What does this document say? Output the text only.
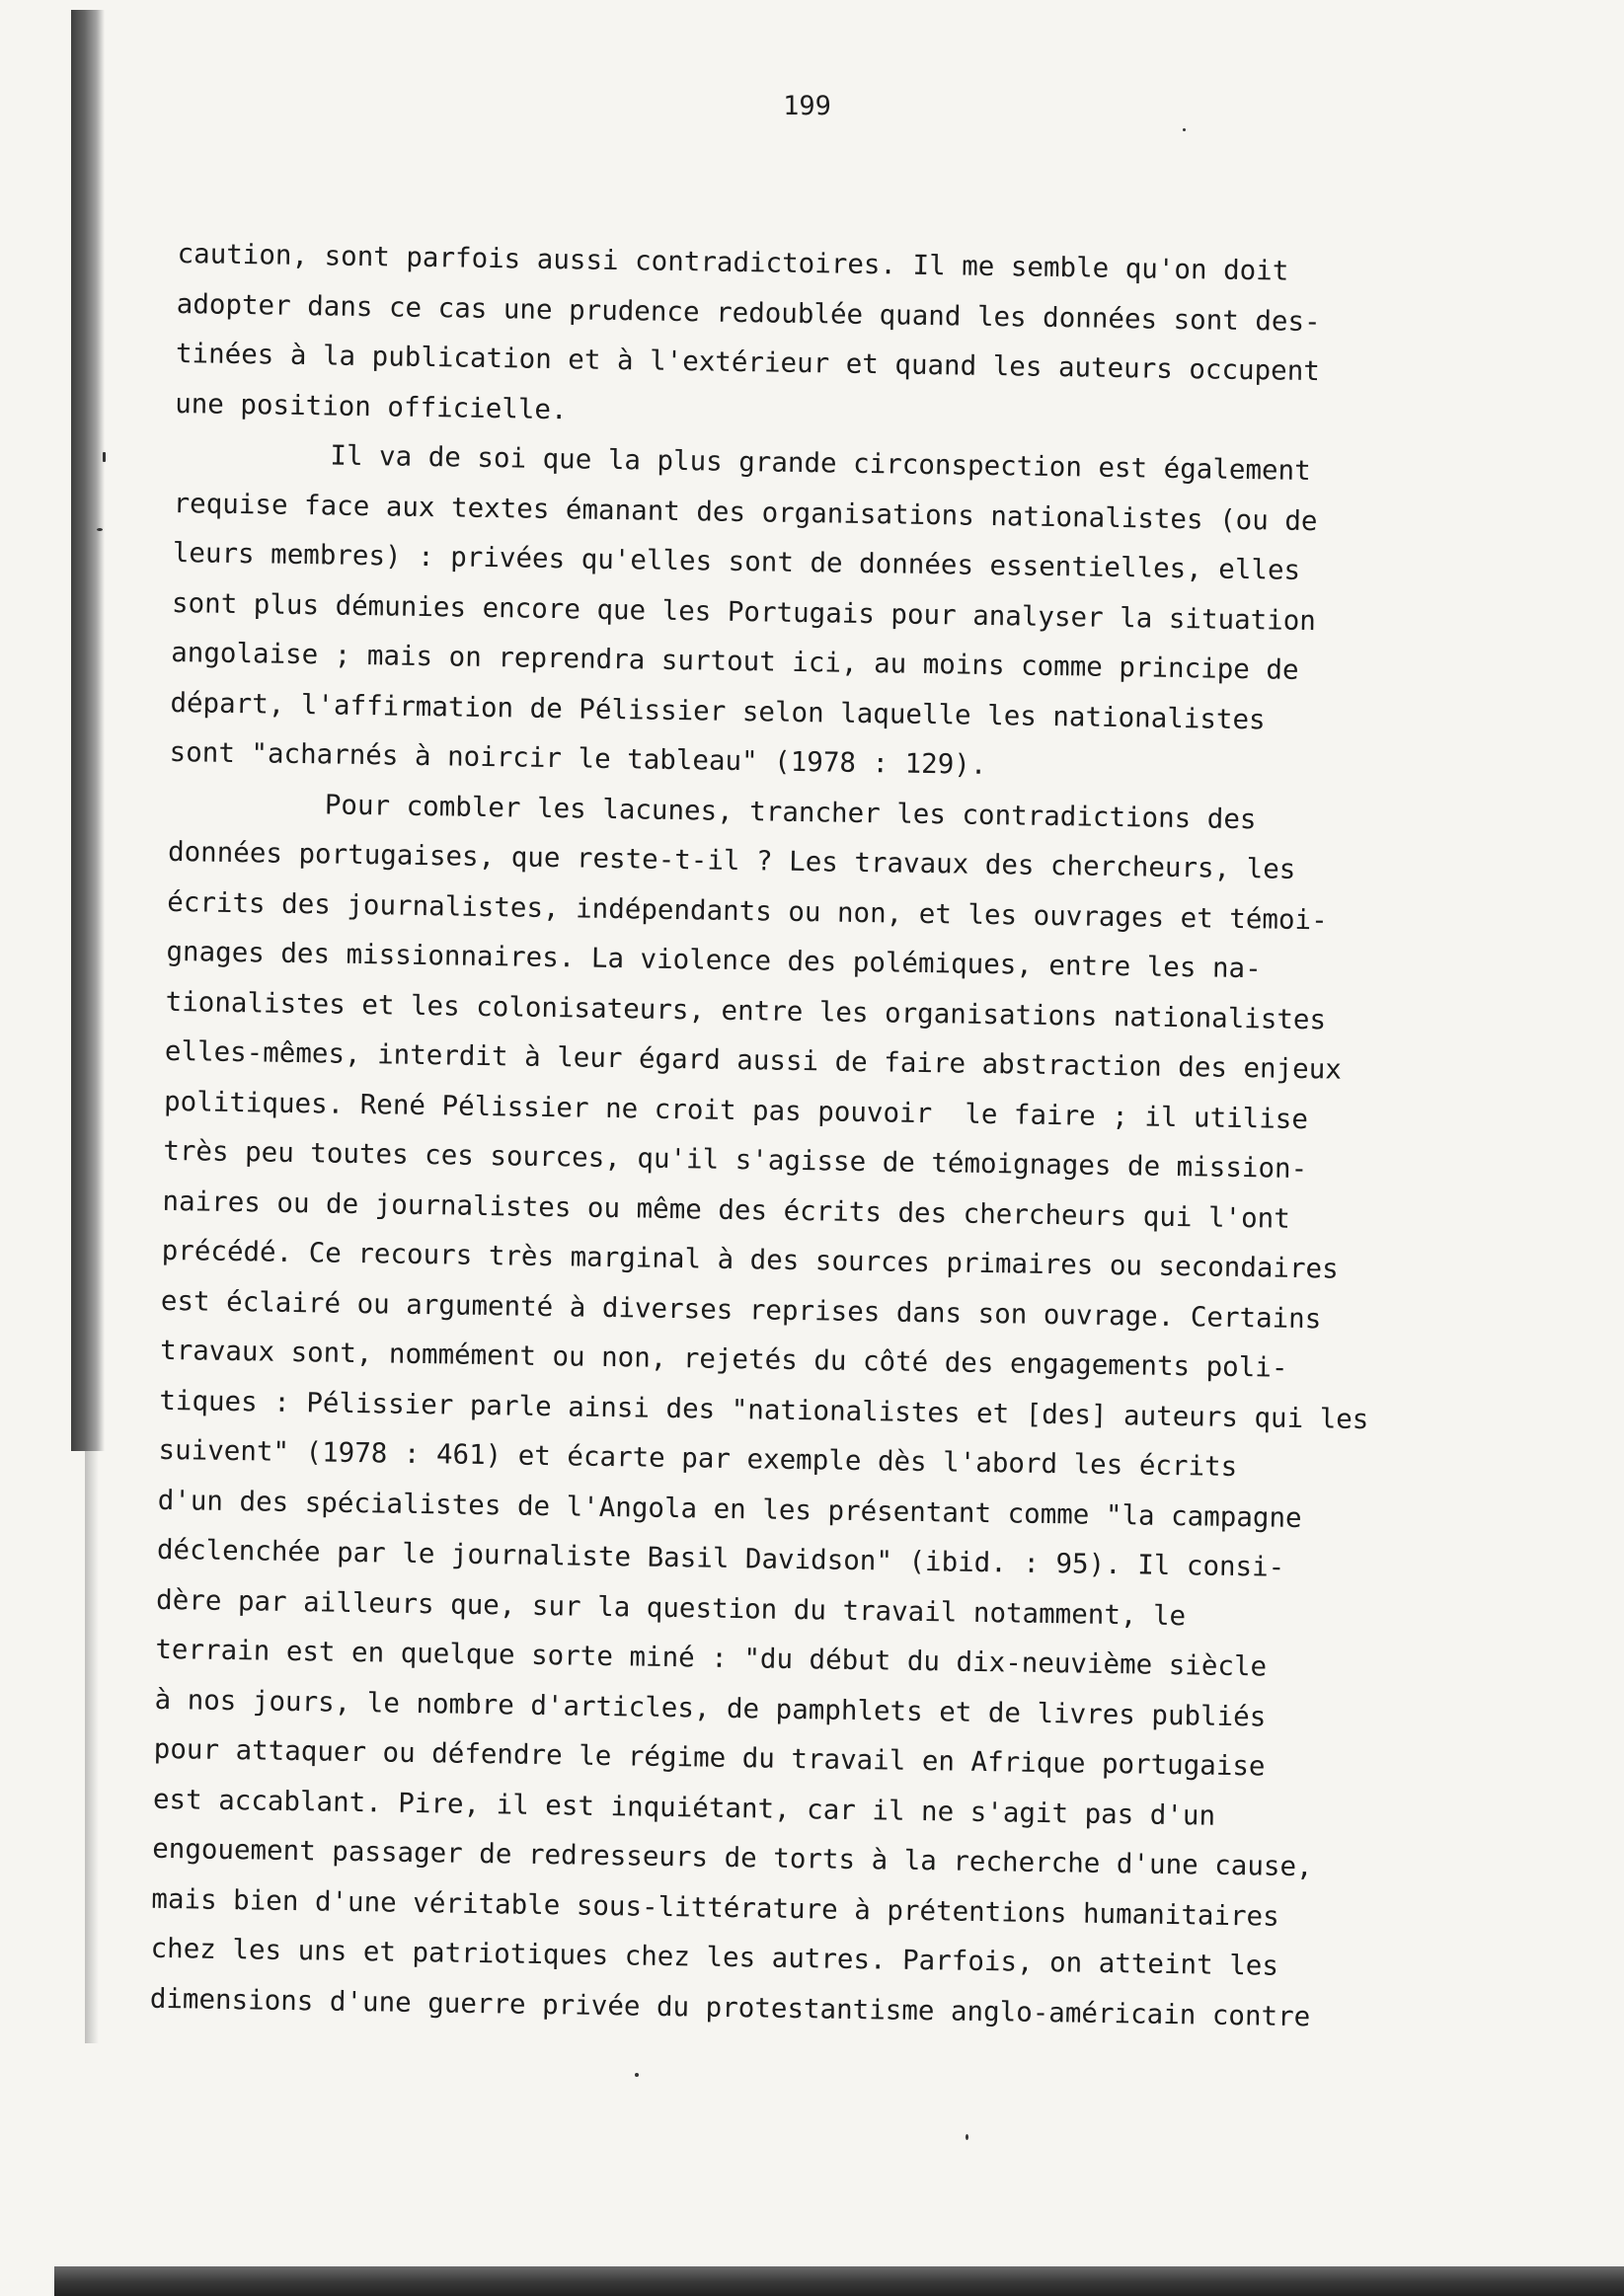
199
caution, sont parfois aussi contradictoires. Il me semble qu'on doit
adopter dans ce cas une prudence redoublée quand les données sont des-
tinées à la publication et à l'extérieur et quand les auteurs occupent
une position officielle.
Il va de soi que la plus grande circonspection est également
requise face aux textes émanant des organisations nationalistes (ou de
leurs membres) : privées qu'elles sont de données essentielles, elles
sont plus démunies encore que les Portugais pour analyser la situation
angolaise ; mais on reprendra surtout ici, au moins comme principe de
départ, l'affirmation de Pélissier selon laquelle les nationalistes
sont "acharnés à noircir le tableau" (1978 : 129).
Pour combler les lacunes, trancher les contradictions des
données portugaises, que reste-t-il ? Les travaux des chercheurs, les
écrits des journalistes, indépendants ou non, et les ouvrages et témoi-
gnages des missionnaires. La violence des polémiques, entre les na-
tionalistes et les colonisateurs, entre les organisations nationalistes
elles-mêmes, interdit à leur égard aussi de faire abstraction des enjeux
politiques. René Pélissier ne croit pas pouvoir  le faire ; il utilise
très peu toutes ces sources, qu'il s'agisse de témoignages de mission-
naires ou de journalistes ou même des écrits des chercheurs qui l'ont
précédé. Ce recours très marginal à des sources primaires ou secondaires
est éclairé ou argumenté à diverses reprises dans son ouvrage. Certains
travaux sont, nommément ou non, rejetés du côté des engagements poli-
tiques : Pélissier parle ainsi des "nationalistes et [des] auteurs qui les
suivent" (1978 : 461) et écarte par exemple dès l'abord les écrits
d'un des spécialistes de l'Angola en les présentant comme "la campagne
déclenchée par le journaliste Basil Davidson" (ibid. : 95). Il consi-
dère par ailleurs que, sur la question du travail notamment, le
terrain est en quelque sorte miné : "du début du dix-neuvième siècle
à nos jours, le nombre d'articles, de pamphlets et de livres publiés
pour attaquer ou défendre le régime du travail en Afrique portugaise
est accablant. Pire, il est inquiétant, car il ne s'agit pas d'un
engouement passager de redresseurs de torts à la recherche d'une cause,
mais bien d'une véritable sous-littérature à prétentions humanitaires
chez les uns et patriotiques chez les autres. Parfois, on atteint les
dimensions d'une guerre privée du protestantisme anglo-américain contre
